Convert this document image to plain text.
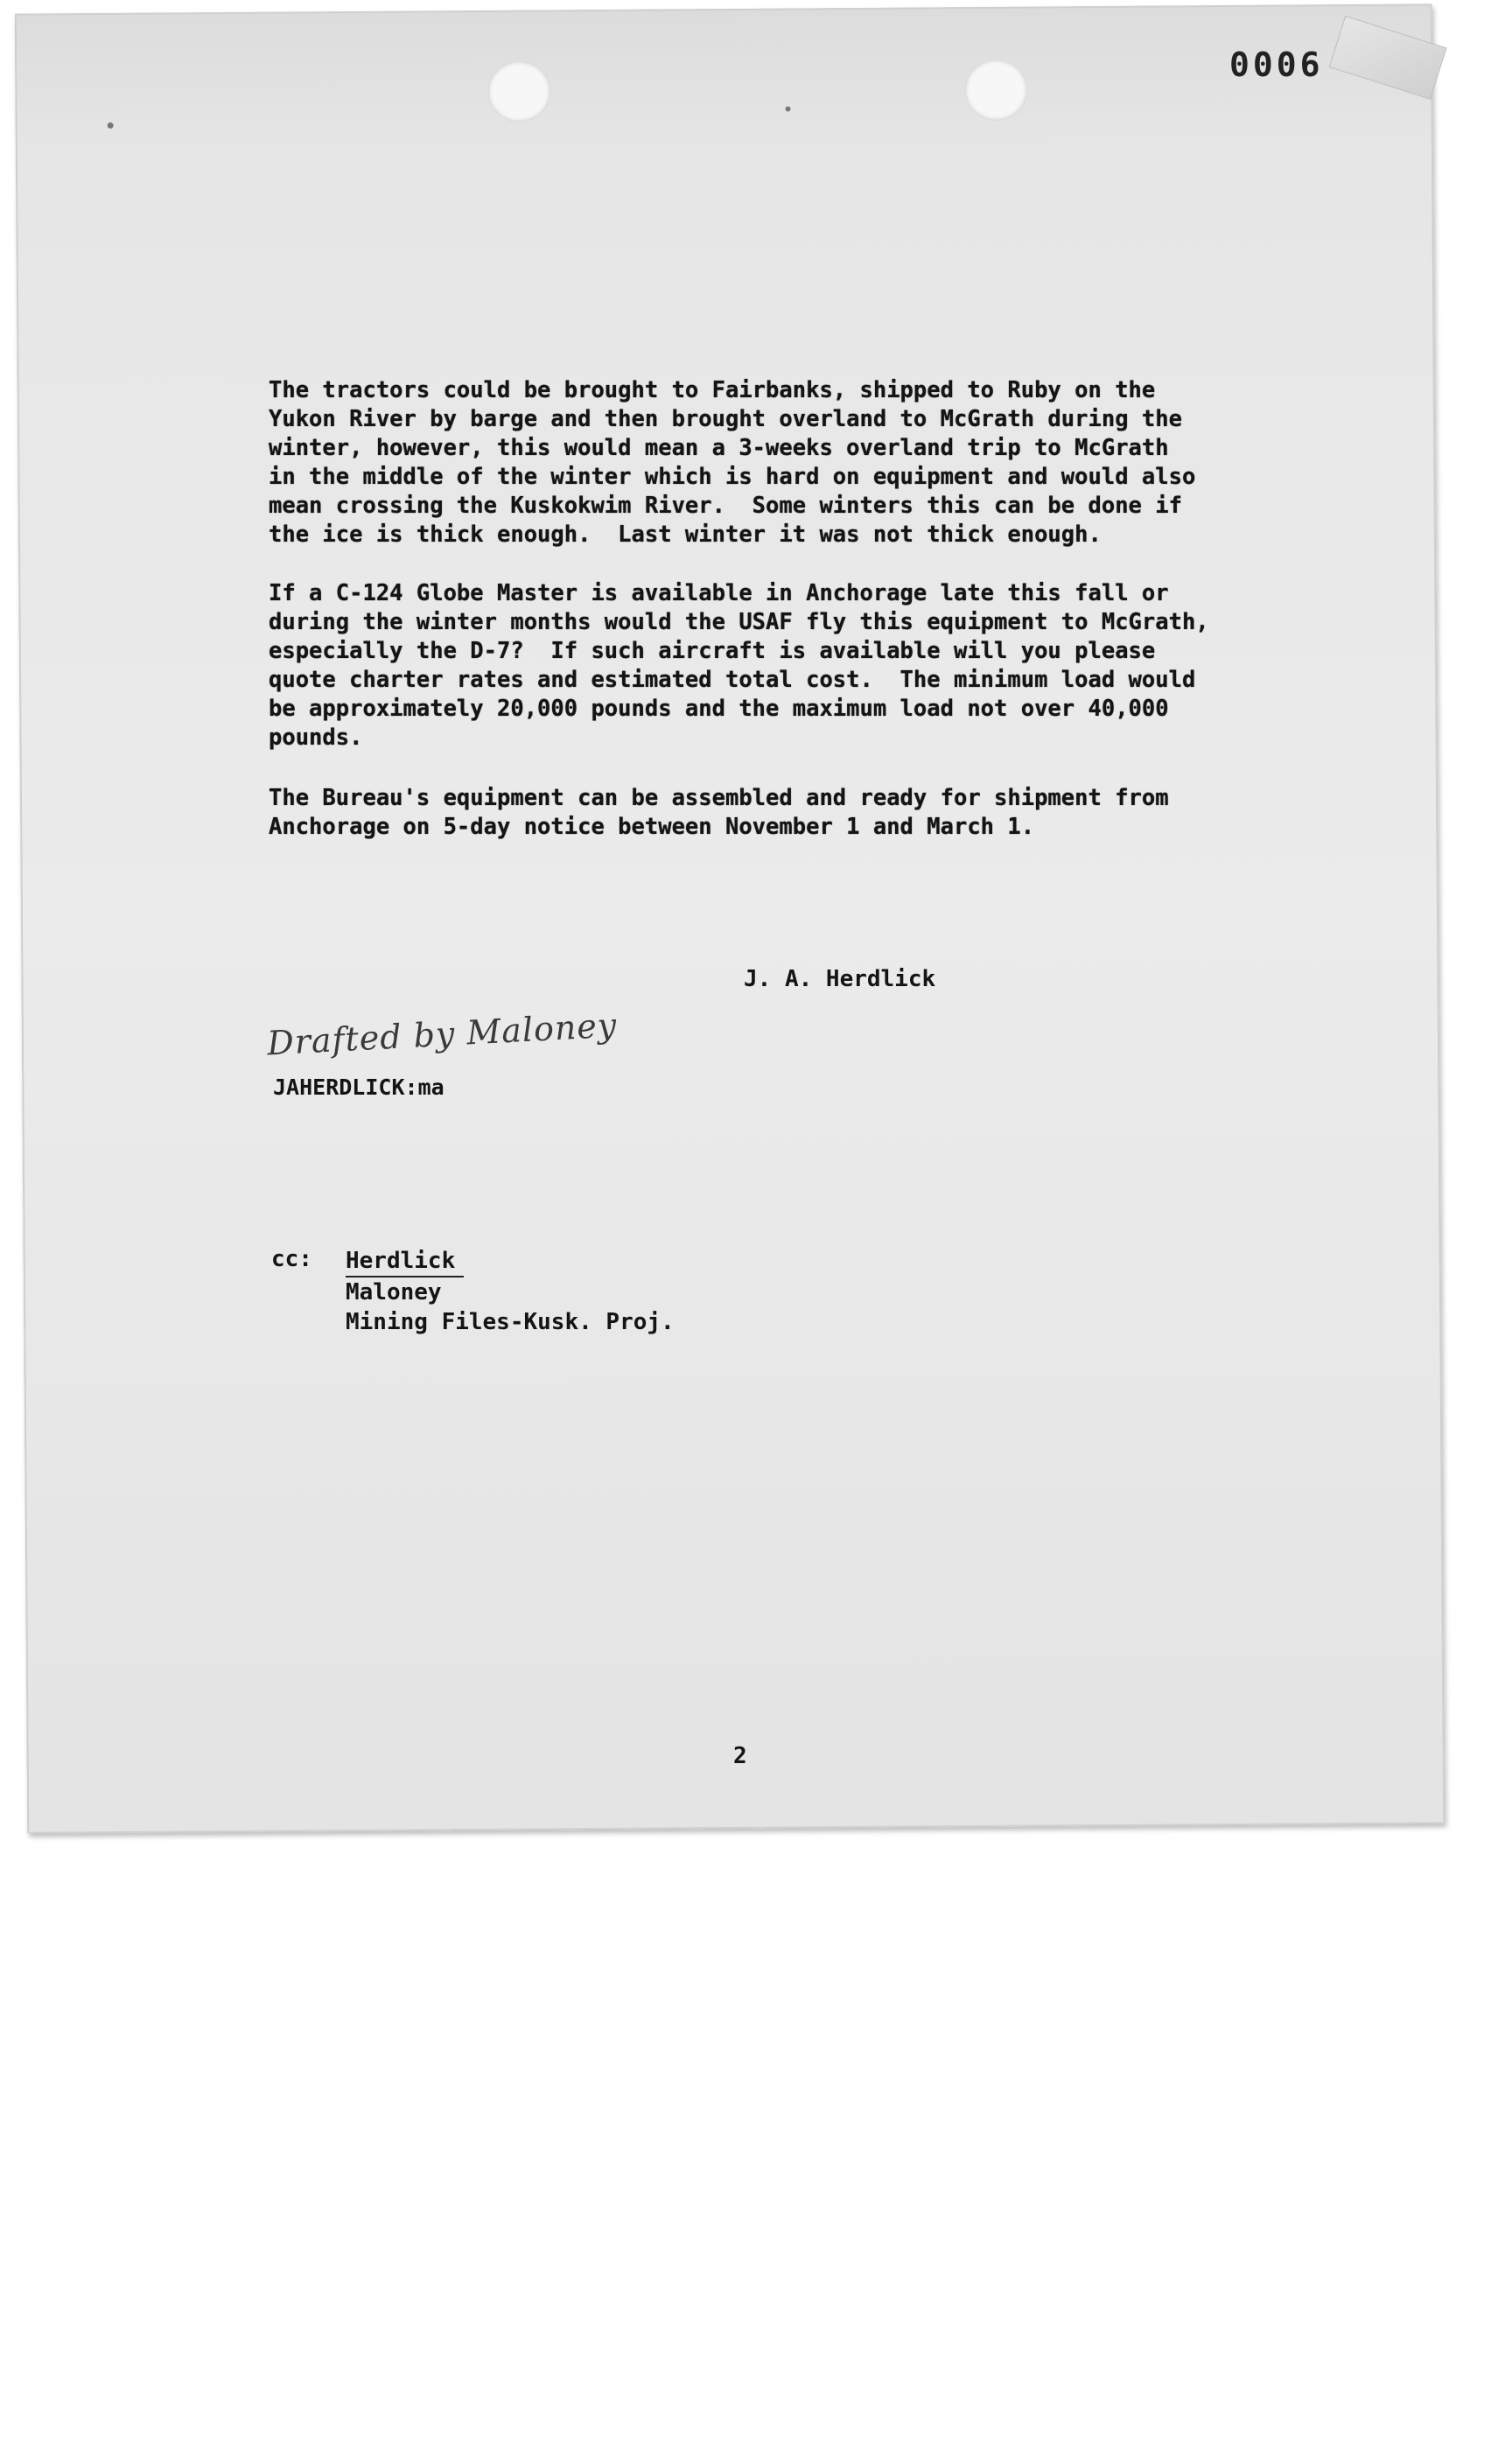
0006
The tractors could be brought to Fairbanks, shipped to Ruby on the
Yukon River by barge and then brought overland to McGrath during the
winter, however, this would mean a 3-weeks overland trip to McGrath
in the middle of the winter which is hard on equipment and would also
mean crossing the Kuskokwim River.  Some winters this can be done if
the ice is thick enough.  Last winter it was not thick enough.
If a C-124 Globe Master is available in Anchorage late this fall or
during the winter months would the USAF fly this equipment to McGrath,
especially the D-7?  If such aircraft is available will you please
quote charter rates and estimated total cost.  The minimum load would
be approximately 20,000 pounds and the maximum load not over 40,000
pounds.
The Bureau's equipment can be assembled and ready for shipment from
Anchorage on 5-day notice between November 1 and March 1.
J. A. Herdlick
Drafted by Maloney
JAHERDLICK:ma
cc: Herdlick
Maloney
Mining Files-Kusk. Proj.
2
